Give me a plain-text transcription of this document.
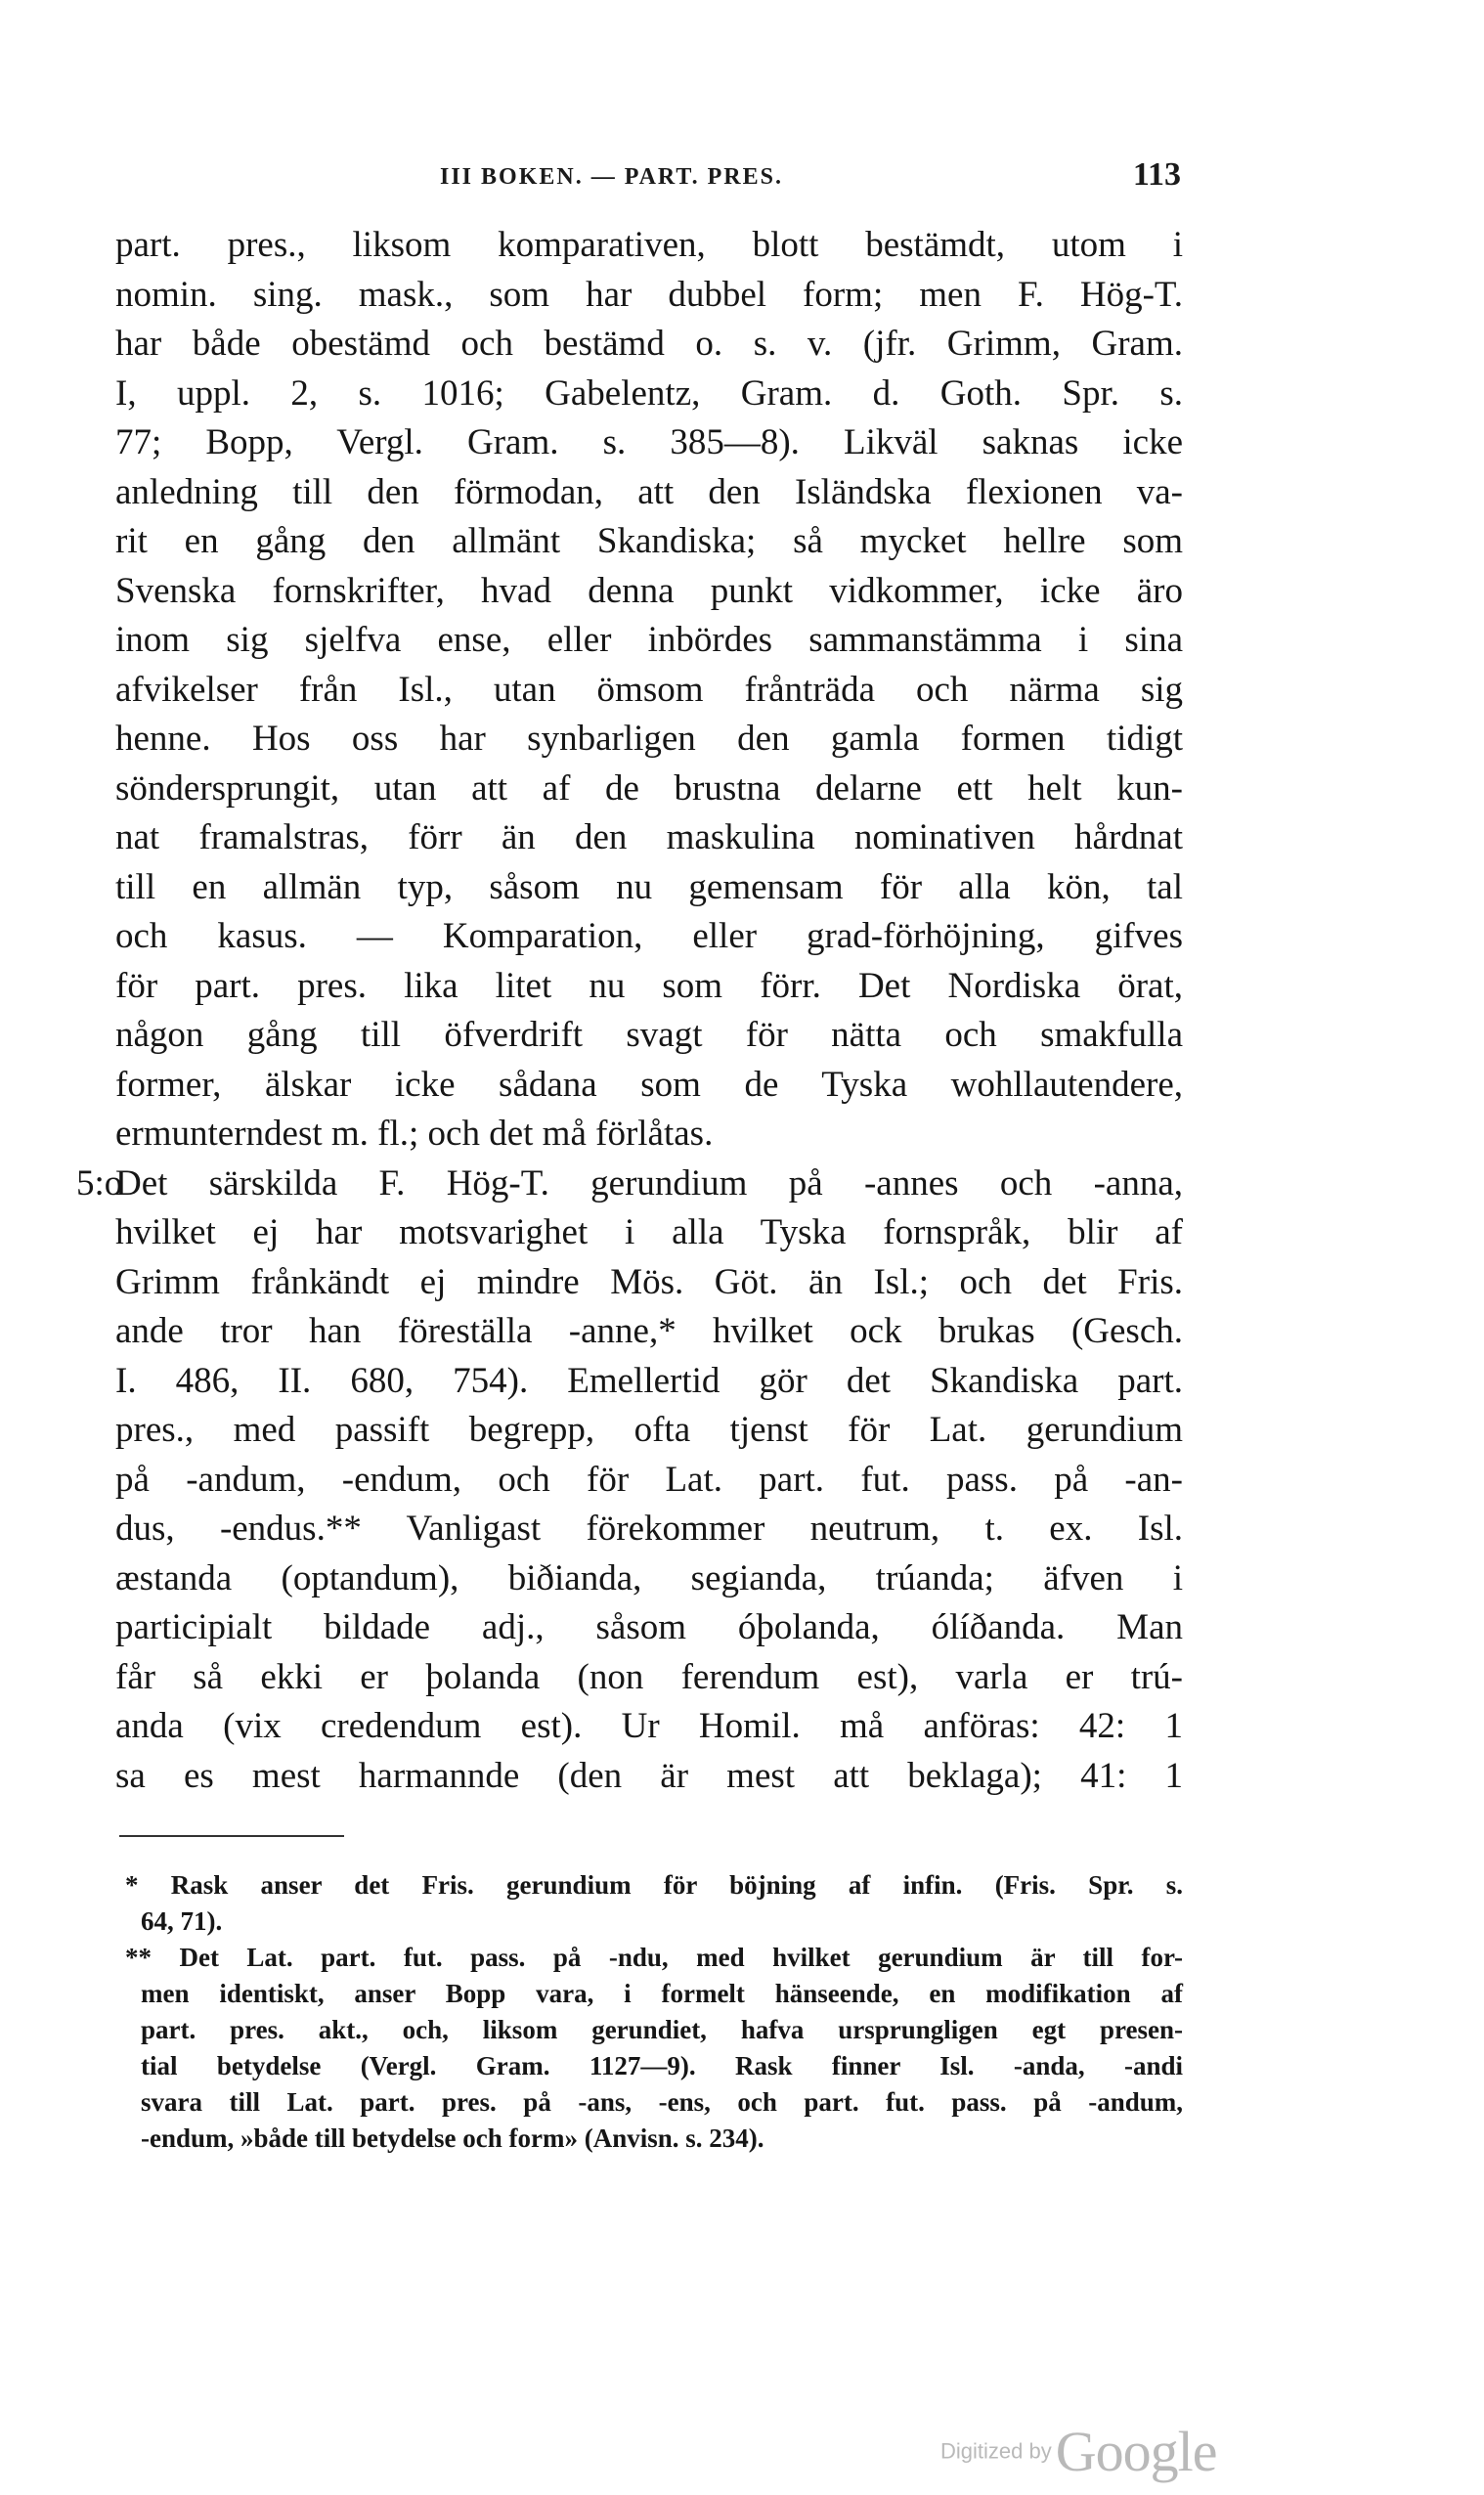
III BOKEN. — PART. PRES.	113
part. pres., liksom komparativen, blott bestämdt, utom i
nomin. sing. mask., som har dubbel form; men F. Hög-T.
har både obestämd och bestämd o. s. v. (jfr. Grimm, Gram.
I, uppl. 2, s. 1016; Gabelentz, Gram. d. Goth. Spr. s.
77; Bopp, Vergl. Gram. s. 385—8). Likväl saknas icke
anledning till den förmodan, att den Isländska flexionen va-
rit en gång den allmänt Skandiska; så mycket hellre som
Svenska fornskrifter, hvad denna punkt vidkommer, icke äro
inom sig sjelfva ense, eller inbördes sammanstämma i sina
afvikelser från Isl., utan ömsom frånträda och närma sig
henne. Hos oss har synbarligen den gamla formen tidigt
söndersprungit, utan att af de brustna delarne ett helt kun-
nat framalstras, förr än den maskulina nominativen hårdnat
till en allmän typ, såsom nu gemensam för alla kön, tal
och kasus. — Komparation, eller grad-förhöjning, gifves
för part. pres. lika litet nu som förr. Det Nordiska örat,
någon gång till öfverdrift svagt för nätta och smakfulla
former, älskar icke sådana som de Tyska wohllautendere,
ermunterndest m. fl.; och det må förlåtas.
5:o
Det särskilda F. Hög-T. gerundium på -annes och -anna,
hvilket ej har motsvarighet i alla Tyska fornspråk, blir af
Grimm frånkändt ej mindre Mös. Göt. än Isl.; och det Fris.
ande tror han föreställa -anne,* hvilket ock brukas (Gesch.
I. 486, II. 680, 754). Emellertid gör det Skandiska part.
pres., med passift begrepp, ofta tjenst för Lat. gerundium
på -andum, -endum, och för Lat. part. fut. pass. på -an-
dus, -endus.** Vanligast förekommer neutrum, t. ex. Isl.
æstanda (optandum), biðianda, segianda, trúanda; äfven i
participialt bildade adj., såsom óþolanda, ólíðanda. Man
får så ekki er þolanda (non ferendum est), varla er trú-
anda (vix credendum est). Ur Homil. må anföras: 42: 1
sa es mest harmannde (den är mest att beklaga); 41: 1
* Rask anser det Fris. gerundium för böjning af infin. (Fris. Spr. s.
64, 71).
** Det Lat. part. fut. pass. på -ndu, med hvilket gerundium är till for-
men identiskt, anser Bopp vara, i formelt hänseende, en modifikation af
part. pres. akt., och, liksom gerundiet, hafva ursprungligen egt presen-
tial betydelse (Vergl. Gram. 1127—9). Rask finner Isl. -anda, -andi
svara till Lat. part. pres. på -ans, -ens, och part. fut. pass. på -andum,
-endum, »både till betydelse och form» (Anvisn. s. 234).
Digitized by Google
